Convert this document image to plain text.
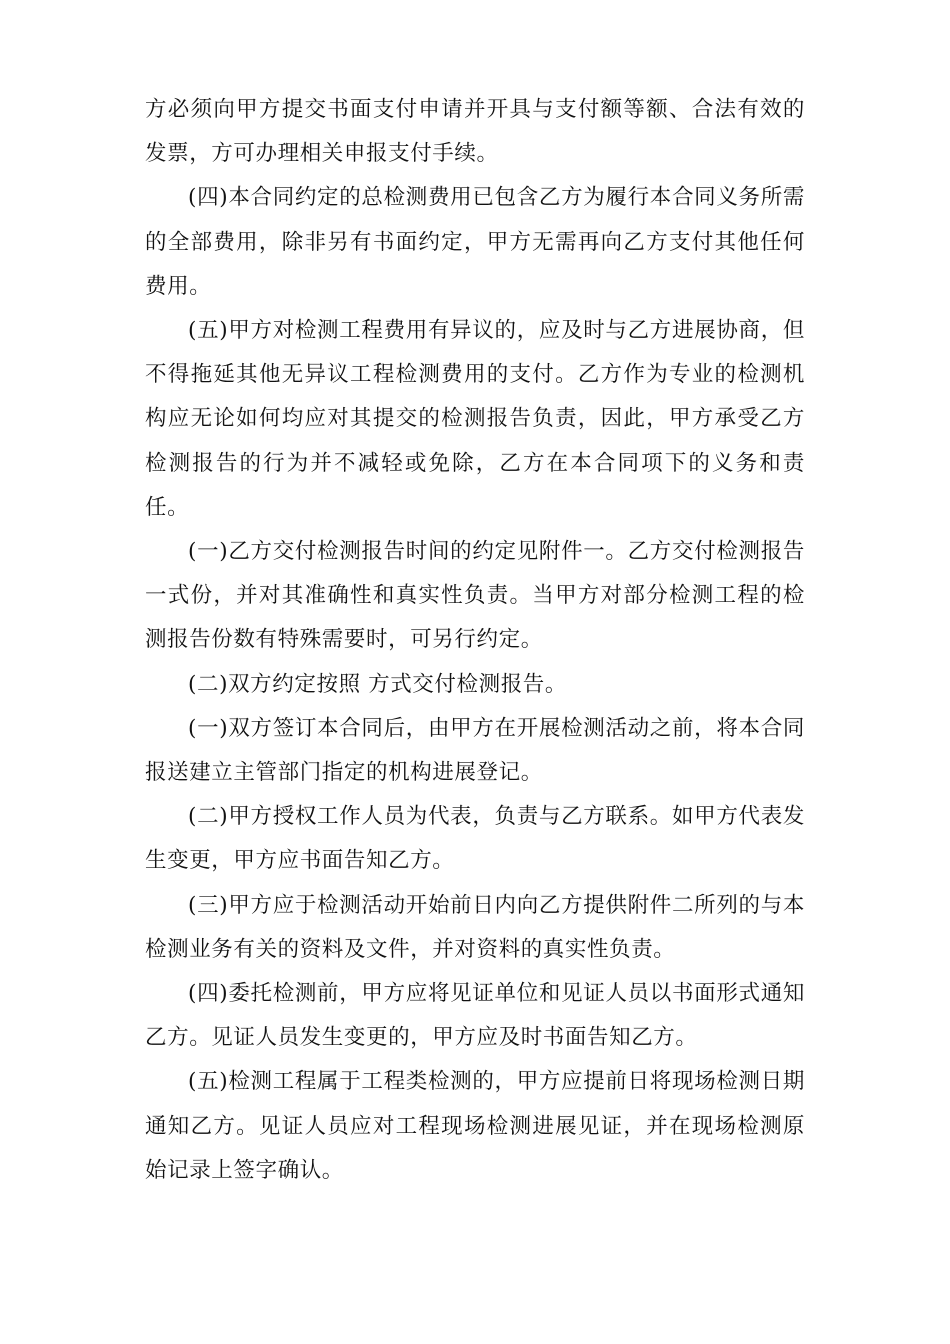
方必须向甲方提交书面支付申请并开具与支付额等额、合法有效的发票，方可办理相关申报支付手续。

(四)本合同约定的总检测费用已包含乙方为履行本合同义务所需的全部费用，除非另有书面约定，甲方无需再向乙方支付其他任何费用。

(五)甲方对检测工程费用有异议的，应及时与乙方进展协商，但不得拖延其他无异议工程检测费用的支付。乙方作为专业的检测机构应无论如何均应对其提交的检测报告负责，因此，甲方承受乙方检测报告的行为并不减轻或免除，乙方在本合同项下的义务和责任。

(一)乙方交付检测报告时间的约定见附件一。乙方交付检测报告一式份，并对其准确性和真实性负责。当甲方对部分检测工程的检测报告份数有特殊需要时，可另行约定。

(二)双方约定按照 方式交付检测报告。

(一)双方签订本合同后，由甲方在开展检测活动之前，将本合同报送建立主管部门指定的机构进展登记。

(二)甲方授权工作人员为代表，负责与乙方联系。如甲方代表发生变更，甲方应书面告知乙方。

(三)甲方应于检测活动开始前日内向乙方提供附件二所列的与本检测业务有关的资料及文件，并对资料的真实性负责。

(四)委托检测前，甲方应将见证单位和见证人员以书面形式通知乙方。见证人员发生变更的，甲方应及时书面告知乙方。

(五)检测工程属于工程类检测的，甲方应提前日将现场检测日期通知乙方。见证人员应对工程现场检测进展见证，并在现场检测原始记录上签字确认。
